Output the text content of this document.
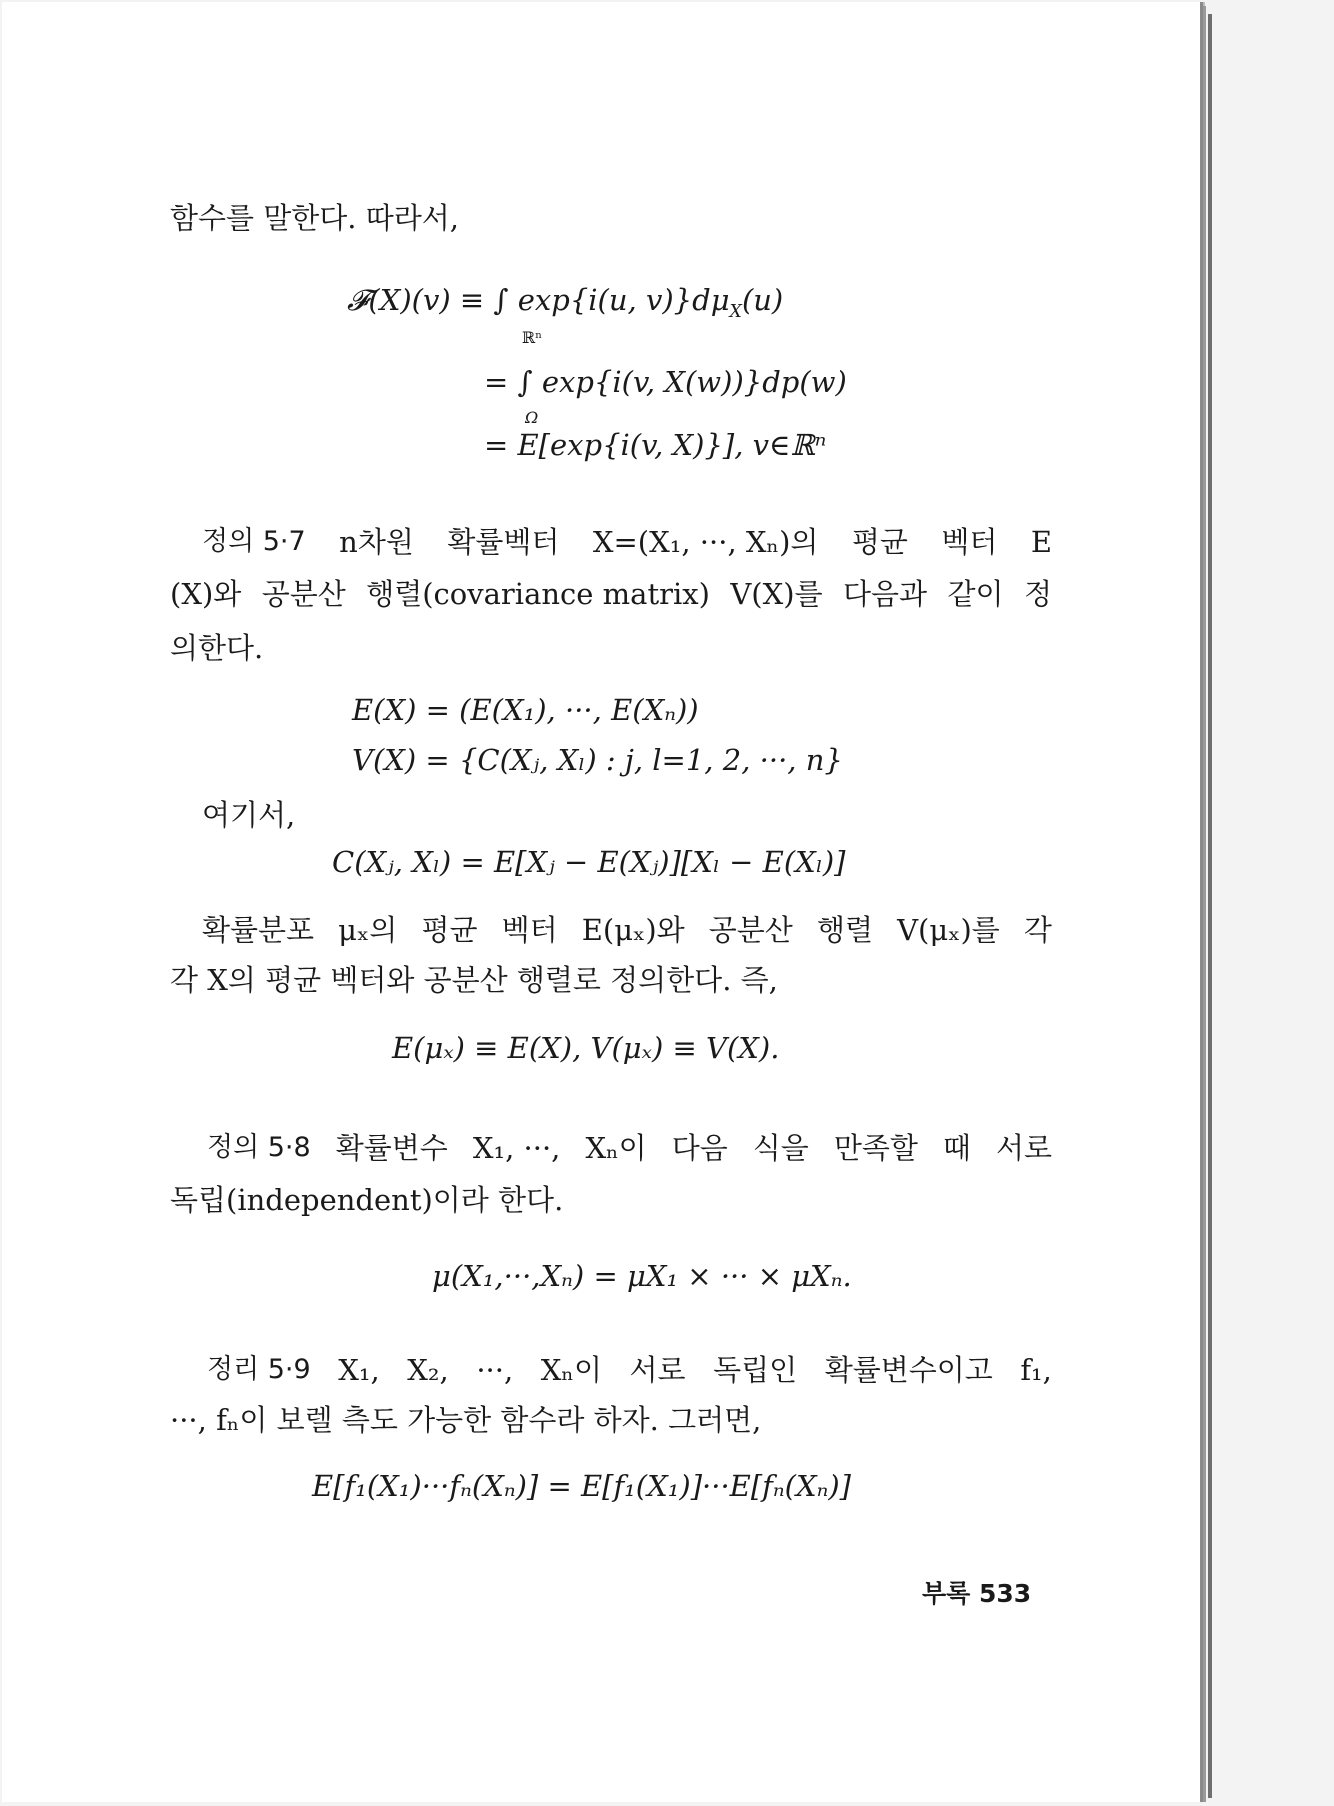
함수를 말한다. 따라서,
𝓕(X)(v) ≡ ∫ exp{i(u, $v)\}d\mu_X(u)$
ℝⁿ
= ∫ exp{i(v, X(w))}dp(w)
Ω
= E[exp{i(v, X)}], v∈ℝⁿ
정의 5·7 n차원 확률벡터 X=(X₁, ···, Xₙ)의 평균 벡터 E
(X)와 공분산 행렬(covariance matrix) V(X)를 다음과 같이 정
의한다.
E(X) = (E(X₁), ···, E(Xₙ))
V(X) = {C(Xⱼ, Xₗ) : j, l=1, 2, ···, n}
여기서,
C(Xⱼ, Xₗ) = E[Xⱼ − E(Xⱼ)][Xₗ − E(Xₗ)]
확률분포 μₓ의 평균 벡터 E(μₓ)와 공분산 행렬 V(μₓ)를 각
각 X의 평균 벡터와 공분산 행렬로 정의한다. 즉,
E(μₓ) ≡ E(X), V(μₓ) ≡ V(X).
정의 5·8 확률변수 X₁, ···, Xₙ이 다음 식을 만족할 때 서로
독립(independent)이라 한다.
μ(X₁,···,Xₙ) = μX₁ × ··· × μXₙ.
정리 5·9 X₁, X₂, ···, Xₙ이 서로 독립인 확률변수이고 f₁,
···, fₙ이 보렐 측도 가능한 함수라 하자. 그러면,
E[f₁(X₁)···fₙ(Xₙ)] = E[f₁(X₁)]···E[fₙ(Xₙ)]
부록 533
